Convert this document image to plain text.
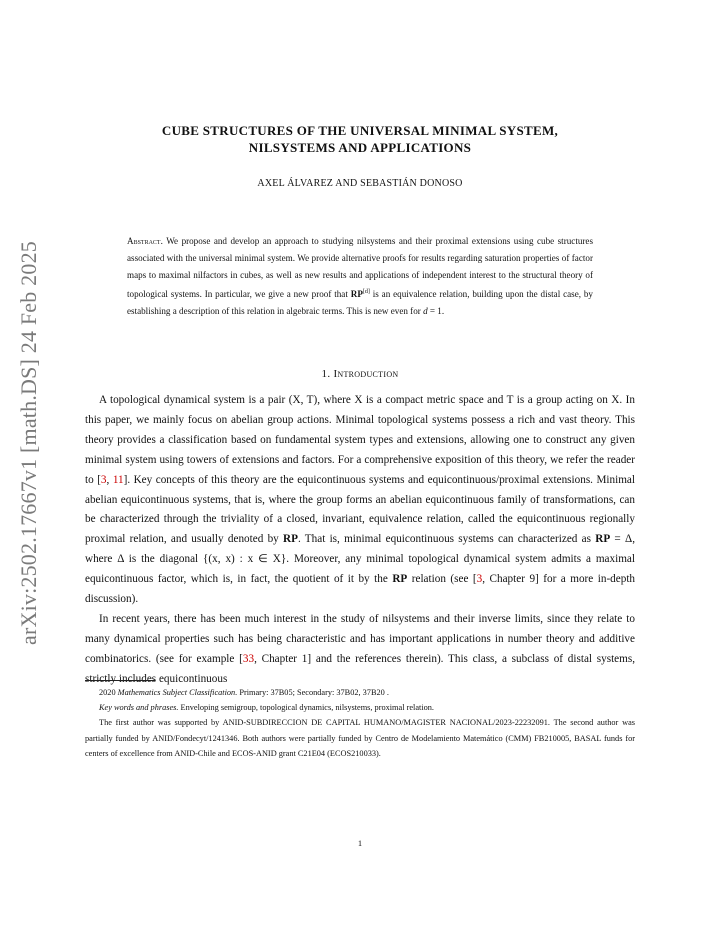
arXiv:2502.17667v1 [math.DS] 24 Feb 2025
CUBE STRUCTURES OF THE UNIVERSAL MINIMAL SYSTEM,
NILSYSTEMS AND APPLICATIONS
AXEL ÁLVAREZ AND SEBASTIÁN DONOSO
Abstract. We propose and develop an approach to studying nilsystems and their proximal extensions using cube structures associated with the universal minimal system. We provide alternative proofs for results regarding saturation properties of factor maps to maximal nilfactors in cubes, as well as new results and applications of independent interest to the structural theory of topological systems. In particular, we give a new proof that RP[d] is an equivalence relation, building upon the distal case, by establishing a description of this relation in algebraic terms. This is new even for d = 1.
1. Introduction

A topological dynamical system is a pair (X, T), where X is a compact metric space and T is a group acting on X. In this paper, we mainly focus on abelian group actions. Minimal topological systems possess a rich and vast theory. This theory provides a classification based on fundamental system types and extensions, allowing one to construct any given minimal system using towers of extensions and factors. For a comprehensive exposition of this theory, we refer the reader to [3, 11]. Key concepts of this theory are the equicontinuous systems and equicontinuous/proximal extensions. Minimal abelian equicontinuous systems, that is, where the group forms an abelian equicontinuous family of transformations, can be characterized through the triviality of a closed, invariant, equivalence relation, called the equicontinuous regionally proximal relation, and usually denoted by RP. That is, minimal equicontinuous systems can characterized as RP = Δ, where Δ is the diagonal {(x, x) : x ∈ X}. Moreover, any minimal topological dynamical system admits a maximal equicontinuous factor, which is, in fact, the quotient of it by the RP relation (see [3, Chapter 9] for a more in-depth discussion).

In recent years, there has been much interest in the study of nilsystems and their inverse limits, since they relate to many dynamical properties such has being characteristic and has important applications in number theory and additive combinatorics. (see for example [33, Chapter 1] and the references therein). This class, a subclass of distal systems, strictly includes equicontinuous

2020 Mathematics Subject Classification. Primary: 37B05; Secondary: 37B02, 37B20 .

Key words and phrases. Enveloping semigroup, topological dynamics, nilsystems, proximal relation.

The first author was supported by ANID-SUBDIRECCION DE CAPITAL HUMANO/MAGISTER NACIONAL/2023-22232091. The second author was partially funded by ANID/Fondecyt/1241346. Both authors were partially funded by Centro de Modelamiento Matemático (CMM) FB210005, BASAL funds for centers of excellence from ANID-Chile and ECOS-ANID grant C21E04 (ECOS210033).

1
